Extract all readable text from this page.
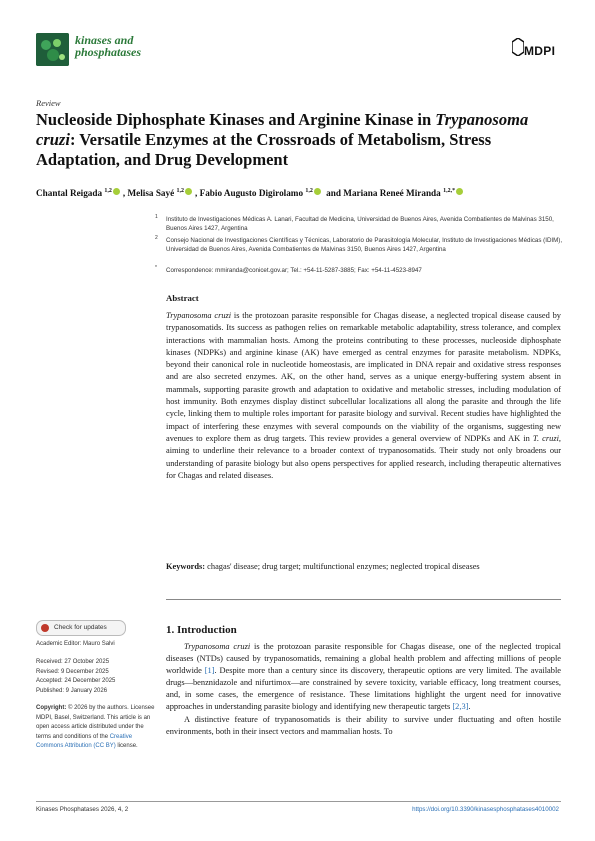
kinases and
phosphatases	MDPI
Review
Nucleoside Diphosphate Kinases and Arginine Kinase in Trypanosoma cruzi: Versatile Enzymes at the Crossroads of Metabolism, Stress Adaptation, and Drug Development
Chantal Reigada $^{1,2}$ , Melisa Sayé $^{1,2}$ , Fabio Augusto Digirolamo $^{1,2}$ and Mariana Reneé Miranda $^{1,2,*}$
1 Instituto de Investigaciones Médicas A. Lanari, Facultad de Medicina, Universidad de Buenos Aires, Avenida Combatientes de Malvinas 3150, Buenos Aires 1427, Argentina
2 Consejo Nacional de Investigaciones Científicas y Técnicas, Laboratorio de Parasitología Molecular, Instituto de Investigaciones Médicas (IDIM), Universidad de Buenos Aires, Avenida Combatientes de Malvinas 3150, Buenos Aires 1427, Argentina
* Correspondence: mmiranda@conicet.gov.ar; Tel.: +54-11-5287-3885; Fax: +54-11-4523-8947
Abstract
Trypanosoma cruzi is the protozoan parasite responsible for Chagas disease, a neglected tropical disease caused by trypanosomatids. Its success as pathogen relies on remarkable metabolic adaptability, stress tolerance, and complex interactions with mammalian hosts. Among the proteins contributing to these processes, nucleoside diphosphate kinases (NDPKs) and arginine kinase (AK) have emerged as central enzymes for parasite metabolism. NDPKs, beyond their canonical role in nucleotide homeostasis, are implicated in DNA repair and oxidative stress responses and are also secreted enzymes. AK, on the other hand, serves as a unique energy-buffering system absent in mammals, supporting parasite growth and adaptation to oxidative and metabolic stresses, including modulation of host immunity. Both enzymes display distinct subcellular localizations all along the parasite and through the life cycle, linking them to multiple roles important for parasite biology and survival. Recent studies have highlighted the impact of interfering these enzymes with several compounds on the viability of the organisms, suggesting new avenues to explore them as drug targets. This review provides a general overview of NDPKs and AK in T. cruzi, aiming to underline their relevance to a broader context of trypanosomatids. Their study not only broadens our understanding of parasite biology but also opens perspectives for applied research, including therapeutic alternatives for Chagas and related diseases.
Keywords: chagas' disease; drug target; multifunctional enzymes; neglected tropical diseases
Check for updates
Academic Editor: Mauro Salvi
Received: 27 October 2025
Revised: 9 December 2025
Accepted: 24 December 2025
Published: 9 January 2026
Copyright: © 2026 by the authors. Licensee MDPI, Basel, Switzerland. This article is an open access article distributed under the terms and conditions of the Creative Commons Attribution (CC BY) license.
1. Introduction

Trypanosoma cruzi is the protozoan parasite responsible for Chagas disease, one of the neglected tropical diseases (NTDs) caused by trypanosomatids, remaining a global health problem and affecting millions of people worldwide [1]. Despite more than a century since its discovery, therapeutic options are very limited. The available drugs—benznidazole and nifurtimox—are constrained by severe toxicity, variable efficacy, long treatment courses, and, in some cases, the emergence of resistance. These limitations highlight the urgent need for innovative approaches in understanding parasite biology and identifying new therapeutic targets [2,3].

A distinctive feature of trypanosomatids is their ability to survive under fluctuating and often hostile environments, both in their insect vectors and mammalian hosts. To

Kinases Phosphatases 2026, 4, 2	https://doi.org/10.3390/kinasesphosphatases4010002
